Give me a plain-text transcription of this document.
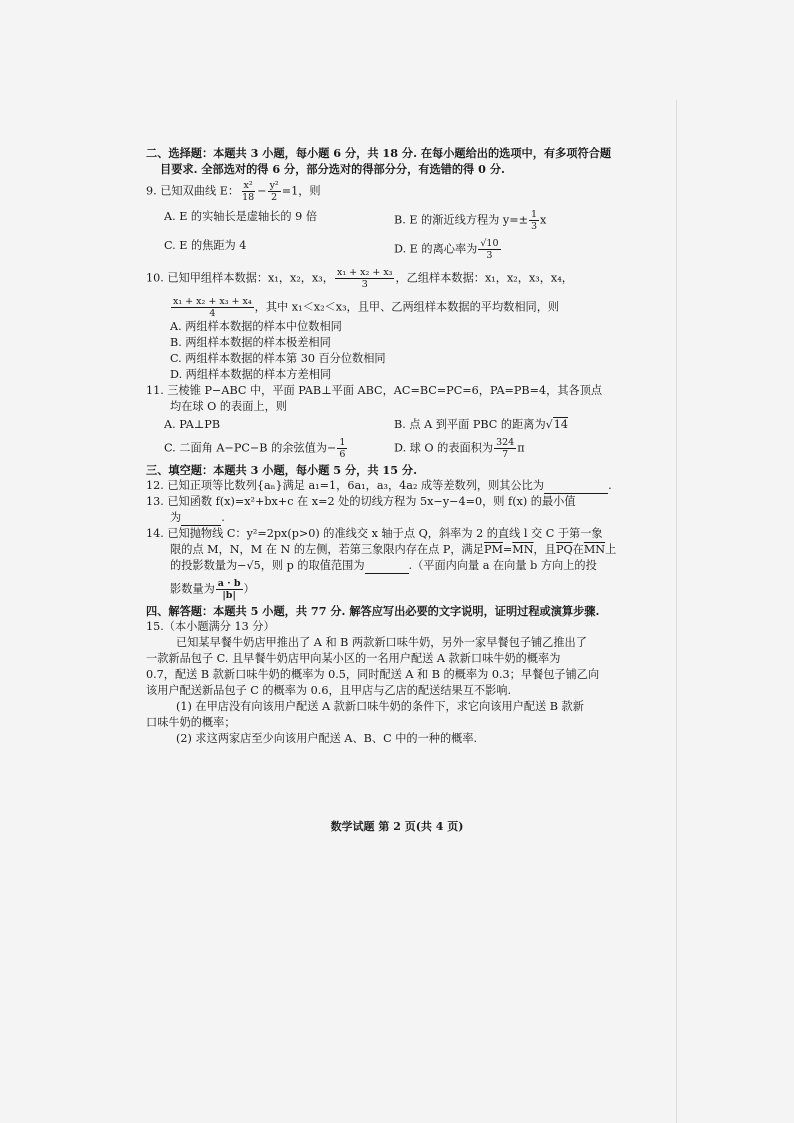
二、选择题：本题共 3 小题，每小题 6 分，共 18 分. 在每小题给出的选项中，有多项符合题
目要求. 全部选对的得 6 分，部分选对的得部分分，有选错的得 0 分.
9. 已知双曲线 E： $\frac{\text{x²}}{18} - \frac{\text{y²}}{2} =1$，则
A. E 的实轴长是虚轴长的 9 倍	B. E 的渐近线方程为 $y=\pm \frac{1}{3}$ x
C. E 的焦距为 4	D. E 的离心率为 $\frac{√10}{3}$
10. 已知甲组样本数据：x₁，x₂，x₃， $\frac{\text{x₁ + x₂ + x₃}}{3}$ ，乙组样本数据：x₁，x₂，x₃，x₄，
$\frac{\text{x₁ + x₂ + x₃ + x₄}}{4}$ ，其中 x₁＜x₂＜x₃，且甲、乙两组样本数据的平均数相同，则
A. 两组样本数据的样本中位数相同
B. 两组样本数据的样本极差相同
C. 两组样本数据的样本第 30 百分位数相同
D. 两组样本数据的样本方差相同
11. 三棱锥 P−ABC 中，平面 PAB⊥平面 ABC，AC=BC=PC=6，PA=PB=4，其各顶点
均在球 O 的表面上，则
A. PA⊥PB	B. 点 A 到平面 PBC 的距离为√14
C. 二面角 A−PC−B 的余弦值为− $\frac{1}{6}$	D. 球 O 的表面积为 $\frac{324}{7}$ π
三、填空题：本题共 3 小题，每小题 5 分，共 15 分.
12. 已知正项等比数列{aₙ}满足 a₁=1，6a₁，a₃，4a₂ 成等差数列，则其公比为	.
13. 已知函数 f(x)=x²+bx+c 在 x=2 处的切线方程为 5x−y−4=0，则 f(x) 的最小值
为	.
14. 已知抛物线 C：y²=2px(p>0) 的准线交 x 轴于点 Q，斜率为 2 的直线 l 交 C 于第一象
限的点 M，N，M 在 N 的左侧，若第三象限内存在点 P，满足$\overline{PM}=\overline{MN}$，且$\overline{PQ}$在$\overline{MN}$上
的投影数量为−√5，则 p 的取值范围为	.（平面内向量 a 在向量 b 方向上的投
影数量为 $\frac{a \cdot b}{|b|}$ ）
四、解答题：本题共 5 小题，共 77 分. 解答应写出必要的文字说明，证明过程或演算步骤.
15.（本小题满分 13 分）
已知某早餐牛奶店甲推出了 A 和 B 两款新口味牛奶，另外一家早餐包子铺乙推出了
一款新品包子 C. 且早餐牛奶店甲向某小区的一名用户配送 A 款新口味牛奶的概率为
0.7，配送 B 款新口味牛奶的概率为 0.5，同时配送 A 和 B 的概率为 0.3；早餐包子铺乙向
该用户配送新品包子 C 的概率为 0.6，且甲店与乙店的配送结果互不影响.
(1) 在甲店没有向该用户配送 A 款新口味牛奶的条件下，求它向该用户配送 B 款新
口味牛奶的概率；
(2) 求这两家店至少向该用户配送 A、B、C 中的一种的概率.
数学试题 第 2 页(共 4 页)
